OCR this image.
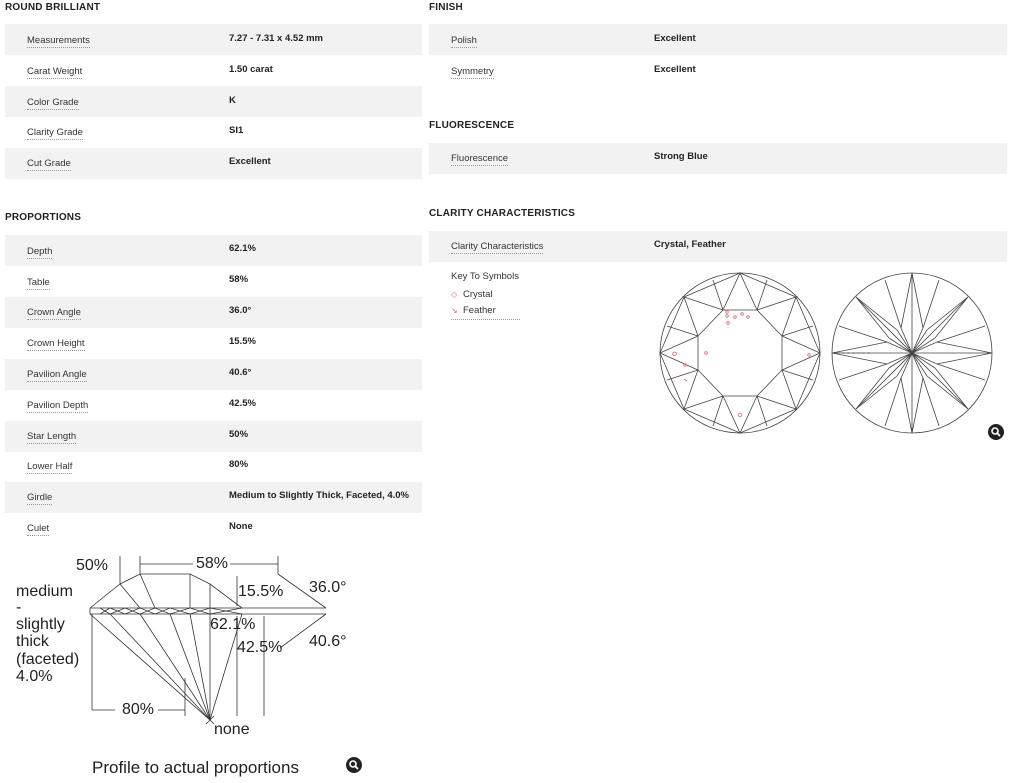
ROUND BRILLIANT
Measurements	7.27 - 7.31 x 4.52 mm
Carat Weight	1.50 carat
Color Grade	K
Clarity Grade	SI1
Cut Grade	Excellent
PROPORTIONS
Depth	62.1%
Table	58%
Crown Angle	36.0°
Crown Height	15.5%
Pavilion Angle	40.6°
Pavilion Depth	42.5%
Star Length	50%
Lower Half	80%
Girdle	Medium to Slightly Thick, Faceted, 4.0%
Culet	None
FINISH
Polish	Excellent
Symmetry	Excellent
FLUORESCENCE
Fluorescence	Strong Blue
CLARITY CHARACTERISTICS
Clarity Characteristics	Crystal, Feather
Key To Symbols
◇ Crystal
↘ Feather
50%	58%
15.5% 36.0°
medium
-
slightly
thick
(faceted)
4.0%
62.1%
42.5% 40.6°
80%
none
Profile to actual proportions
